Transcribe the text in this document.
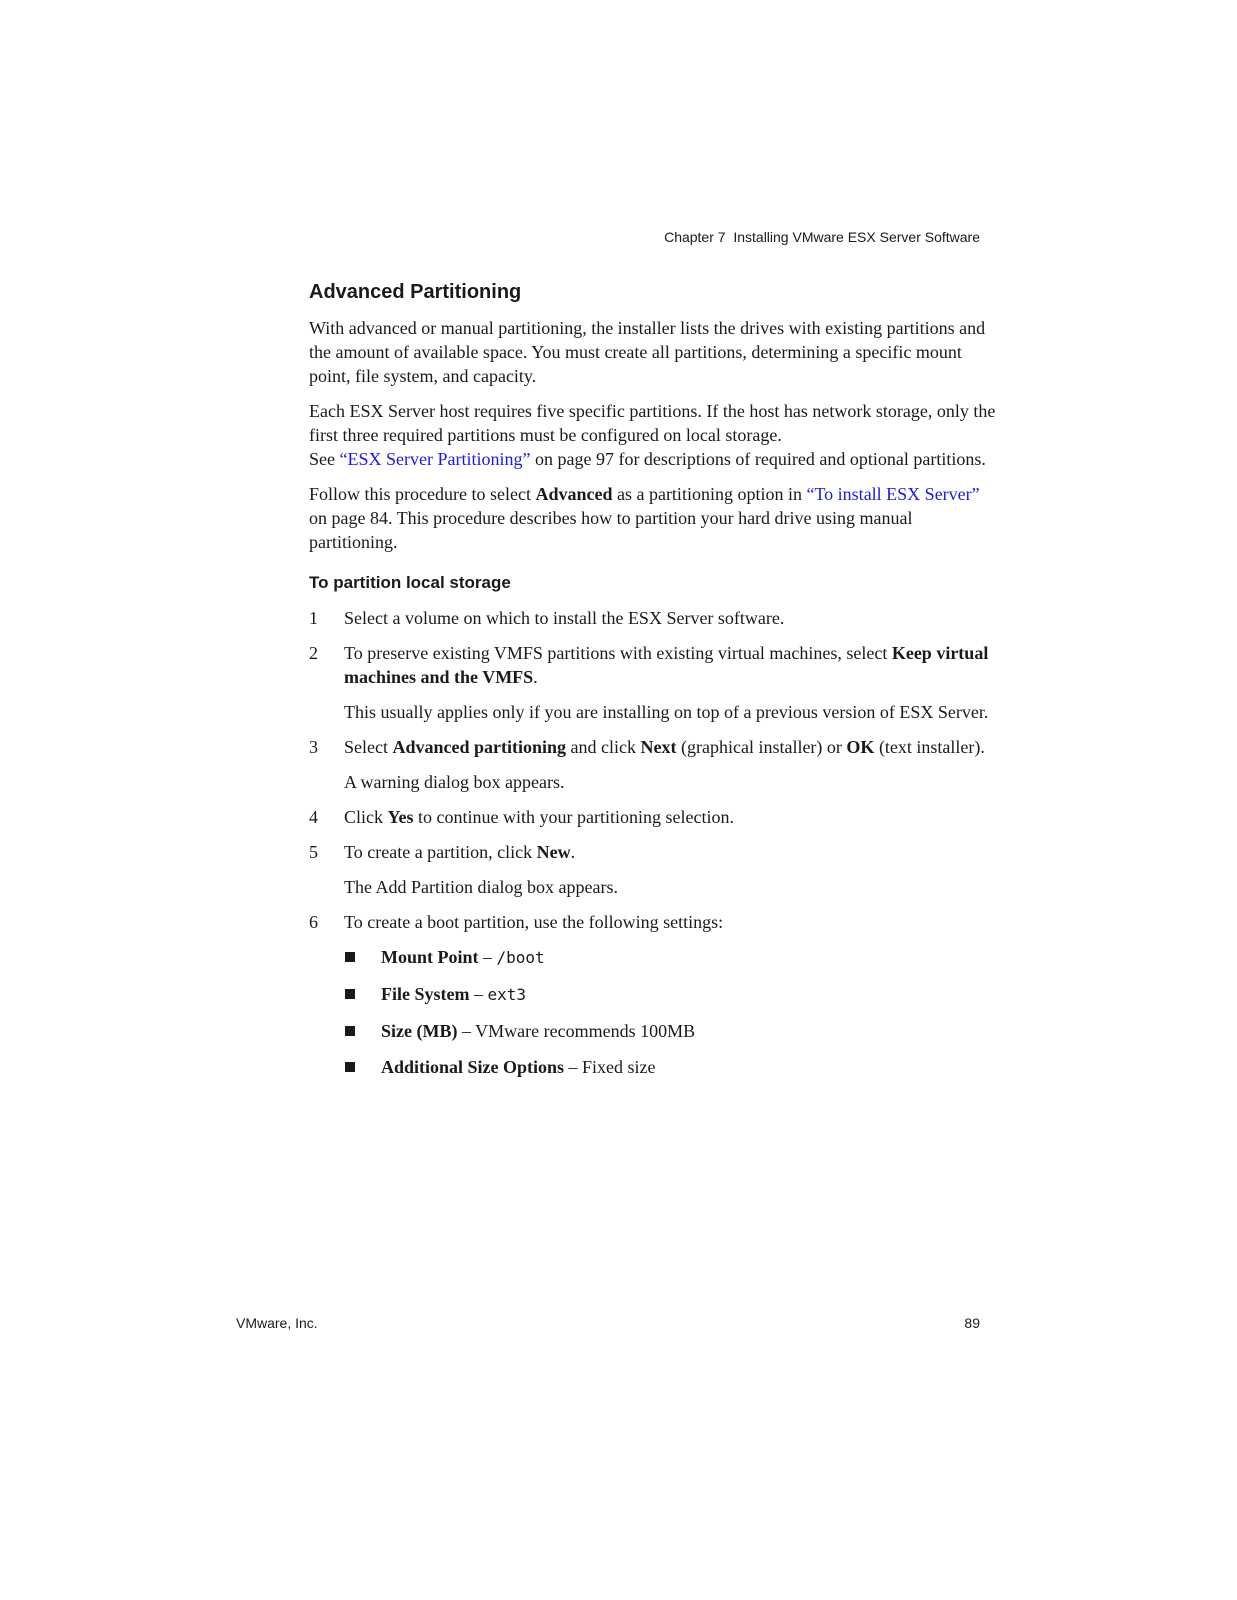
Chapter 7  Installing VMware ESX Server Software
Advanced Partitioning

With advanced or manual partitioning, the installer lists the drives with existing partitions and the amount of available space. You must create all partitions, determining a specific mount point, file system, and capacity.

Each ESX Server host requires five specific partitions. If the host has network storage, only the first three required partitions must be configured on local storage.
See “ESX Server Partitioning” on page 97 for descriptions of required and optional partitions.

Follow this procedure to select Advanced as a partitioning option in “To install ESX Server” on page 84. This procedure describes how to partition your hard drive using manual partitioning.

To partition local storage
1 Select a volume on which to install the ESX Server software.
2 To preserve existing VMFS partitions with existing virtual machines, select Keep virtual machines and the VMFS.
This usually applies only if you are installing on top of a previous version of ESX Server.
3 Select Advanced partitioning and click Next (graphical installer) or OK (text installer).
A warning dialog box appears.
4 Click Yes to continue with your partitioning selection.
5 To create a partition, click New.
The Add Partition dialog box appears.
6 To create a boot partition, use the following settings:
Mount Point – /boot
File System – ext3
Size (MB) – VMware recommends 100MB
Additional Size Options – Fixed size
VMware, Inc.	89
